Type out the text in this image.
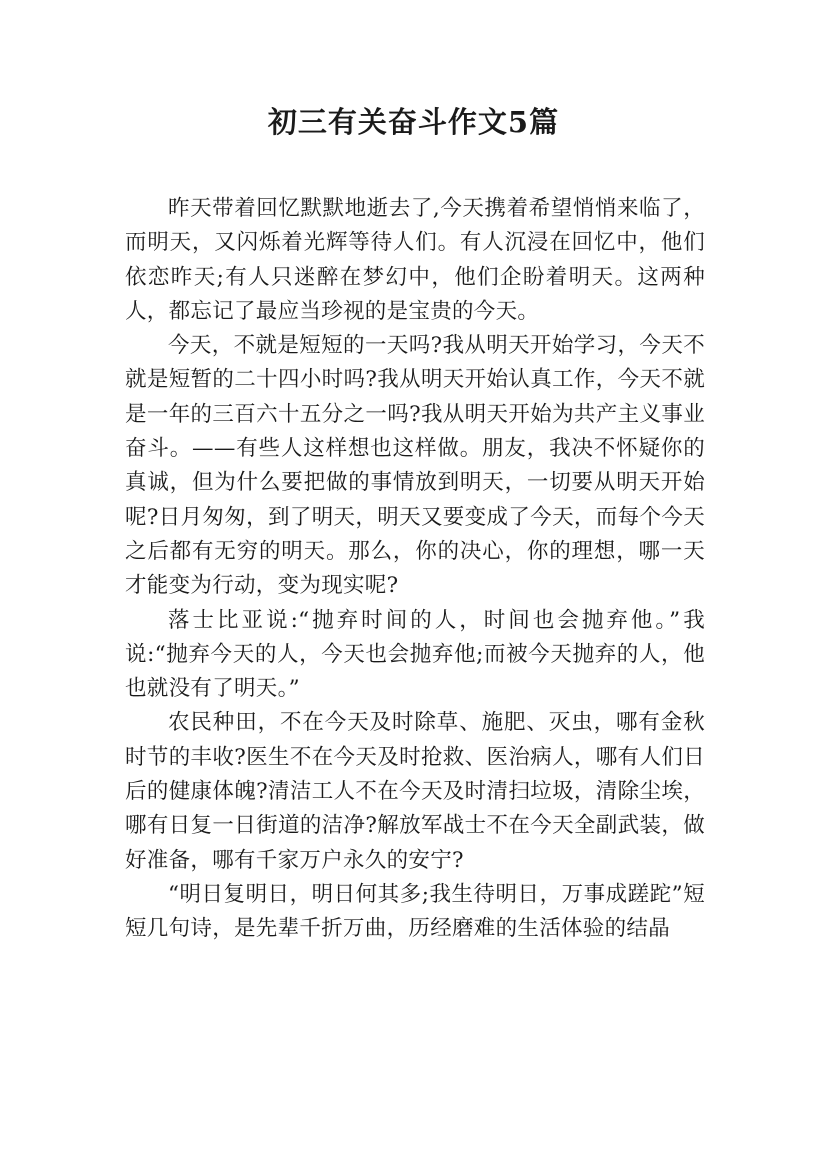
初三有关奋斗作文5篇

昨天带着回忆默默地逝去了,今天携着希望悄悄来临了，而明天，又闪烁着光辉等待人们。有人沉浸在回忆中，他们依恋昨天;有人只迷醉在梦幻中，他们企盼着明天。这两种人，都忘记了最应当珍视的是宝贵的今天。

今天，不就是短短的一天吗?我从明天开始学习，今天不就是短暂的二十四小时吗?我从明天开始认真工作，今天不就是一年的三百六十五分之一吗?我从明天开始为共产主义事业奋斗。——有些人这样想也这样做。朋友，我决不怀疑你的真诚，但为什么要把做的事情放到明天，一切要从明天开始呢?日月匆匆，到了明天，明天又要变成了今天，而每个今天之后都有无穷的明天。那么，你的决心，你的理想，哪一天才能变为行动，变为现实呢?

落士比亚说:“抛弃时间的人，时间也会抛弃他。”我说:“抛弃今天的人，今天也会抛弃他;而被今天抛弃的人，他也就没有了明天。”

农民种田，不在今天及时除草、施肥、灭虫，哪有金秋时节的丰收?医生不在今天及时抢救、医治病人，哪有人们日后的健康体魄?清洁工人不在今天及时清扫垃圾，清除尘埃，哪有日复一日街道的洁净?解放军战士不在今天全副武装，做好准备，哪有千家万户永久的安宁?

“明日复明日，明日何其多;我生待明日，万事成蹉跎”短短几句诗，是先辈千折万曲，历经磨难的生活体验的结晶
